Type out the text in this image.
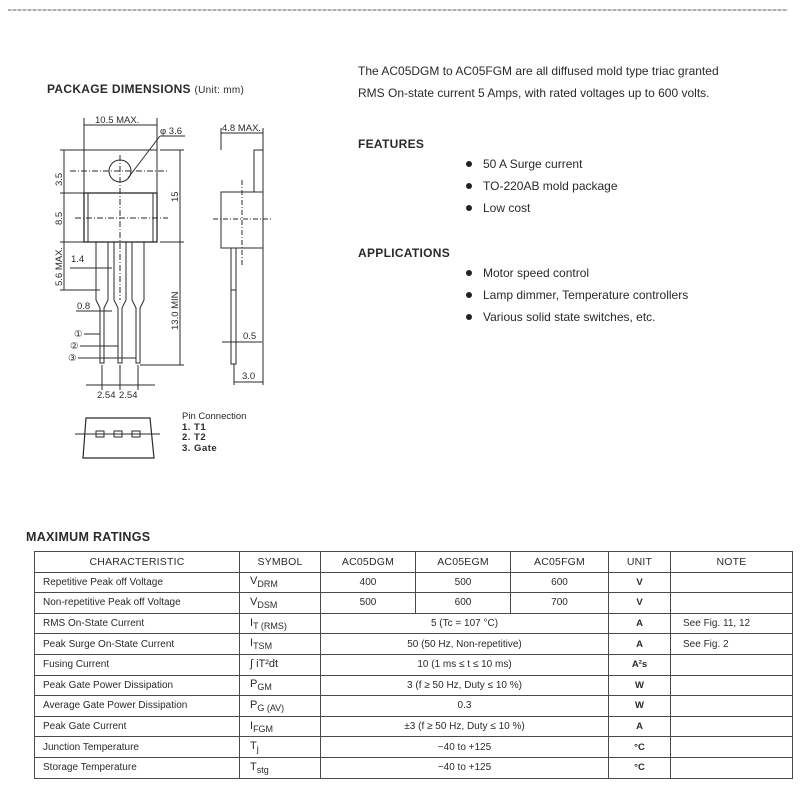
PACKAGE DIMENSIONS (Unit: mm)
10.5 MAX.
φ 3.6
3.5
8.5
5.6 MAX.
15
13.0 MIN
1.4
0.8
①
②
③
2.54 2.54
4.8 MAX.
0.5
3.0
Pin Connection
1. T1
2. T2
3. Gate
The AC05DGM to AC05FGM are all diffused mold type triac granted
RMS On-state current 5 Amps, with rated voltages up to 600 volts.
FEATURES
50 A Surge current
TO-220AB mold package
Low cost
APPLICATIONS
Motor speed control
Lamp dimmer, Temperature controllers
Various solid state switches, etc.
MAXIMUM RATINGS
CHARACTERISTIC	SYMBOL	AC05DGM	AC05EGM	AC05FGM	UNIT	NOTE
Repetitive Peak off Voltage	$V_{DRM}$	400	500	600	V	
Non-repetitive Peak off Voltage	$V_{DSM}$	500	600	700	V	
RMS On-State Current	$I_{T (RMS)}$	5 (Tc = 107 °C)			A	See Fig. 11, 12
Peak Surge On-State Current	$I_{TSM}$	50 (50 Hz, Non-repetitive)			A	See Fig. 2
Fusing Current	∫ iT²dt	10 (1 ms ≤ t ≤ 10 ms)			A²s	
Peak Gate Power Dissipation	$P_{GM}$	3 (f ≥ 50 Hz, Duty ≤ 10 %)			W	
Average Gate Power Dissipation	$P_{G (AV)}$	0.3			W	
Peak Gate Current	$I_{FGM}$	±3 (f ≥ 50 Hz, Duty ≤ 10 %)			A	
Junction Temperature	$T_j$	−40 to +125			°C	
Storage Temperature	$T_{stg}$	−40 to +125			°C	
